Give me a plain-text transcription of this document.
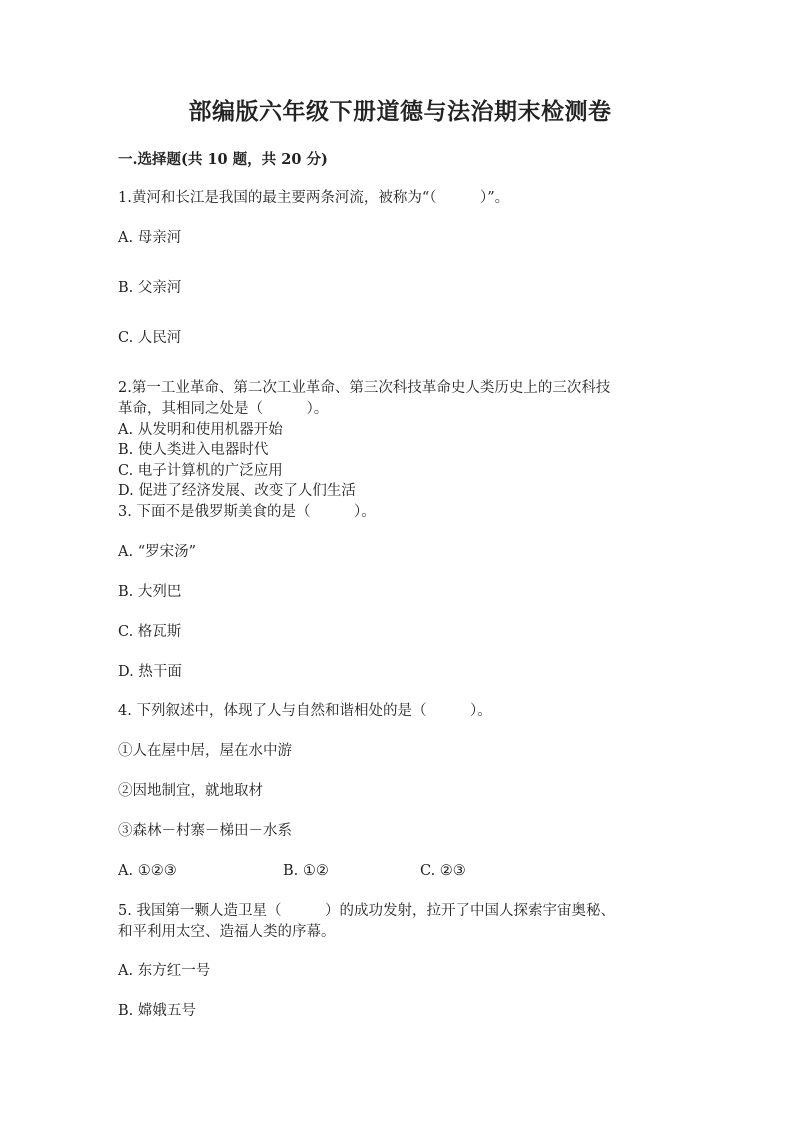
部编版六年级下册道德与法治期末检测卷
一.选择题(共 10 题，共 20 分)
1.黄河和长江是我国的最主要两条河流，被称为“（　　　）”。
A. 母亲河
B. 父亲河
C. 人民河
2.第一工业革命、第二次工业革命、第三次科技革命史人类历史上的三次科技
革命，其相同之处是（　　　）。
A. 从发明和使用机器开始
B. 使人类进入电器时代
C. 电子计算机的广泛应用
D. 促进了经济发展、改变了人们生活
3. 下面不是俄罗斯美食的是（　　　）。
A. “罗宋汤”
B. 大列巴
C. 格瓦斯
D. 热干面
4. 下列叙述中，体现了人与自然和谐相处的是（　　　）。
①人在屋中居，屋在水中游
②因地制宜，就地取材
③森林－村寨－梯田－水系
A. ①②③	B. ①②	C. ②③
5. 我国第一颗人造卫星（　　　）的成功发射，拉开了中国人探索宇宙奥秘、
和平利用太空、造福人类的序幕。
A. 东方红一号
B. 嫦娥五号
